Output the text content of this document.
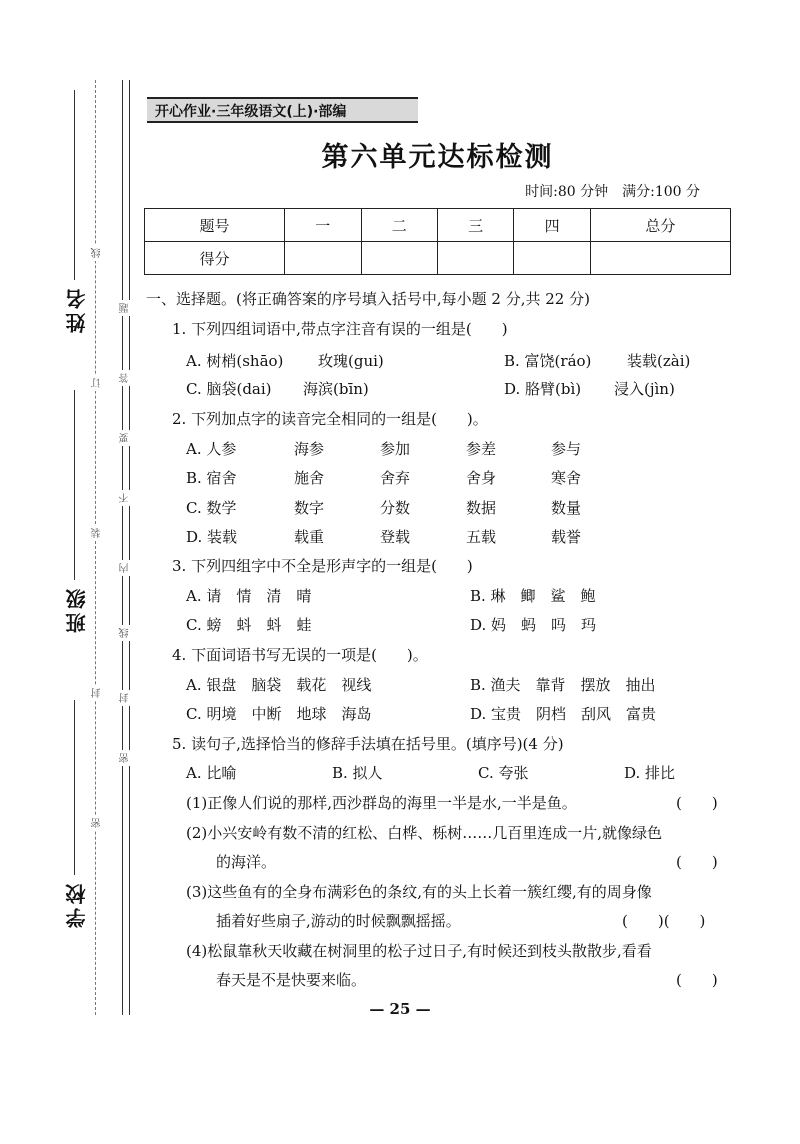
姓名
班级
学校
线
装
订
封
密
题
答
要
不
内
线
封
密
开心作业·三年级语文(上)·部编
第六单元达标检测
时间:80 分钟　满分:100 分
题号	一	二	三	四	总分
得分					
一、选择题。(将正确答案的序号填入括号中,每小题 2 分,共 22 分)
1. 下列四组词语中,带点字注音有误的一组是(　　)
A. 树梢(shāo) 玫瑰(gui)	B. 富饶(ráo) 装载(zài)
C. 脑袋(dai) 海滨(bīn)	D. 胳臂(bì) 浸入(jìn)
2. 下列加点字的读音完全相同的一组是(　　)。
A. 人参	海参	参加	参差	参与
B. 宿舍	施舍	舍弃	舍身	寒舍
C. 数学	数字	分数	数据	数量
D. 装载	载重	登载	五载	载誉
3. 下列四组字中不全是形声字的一组是(　　)
A. 请　情　清　晴	B. 琳　鲫　鲨　鲍
C. 螃　蚪　蚪　蛙	D. 妈　蚂　吗　玛
4. 下面词语书写无误的一项是(　　)。
A. 银盘　脑袋　载花　视线	B. 渔夫　靠背　摆放　抽出
C. 明境　中断　地球　海岛	D. 宝贵　阴档　刮风　富贵
5. 读句子,选择恰当的修辞手法填在括号里。(填序号)(4 分)
A. 比喻	B. 拟人	C. 夸张	D. 排比
(1)正像人们说的那样,西沙群岛的海里一半是水,一半是鱼。	(　　)
(2)小兴安岭有数不清的红松、白桦、栎树……几百里连成一片,就像绿色
的海洋。	(　　)
(3)这些鱼有的全身布满彩色的条纹,有的头上长着一簇红缨,有的周身像
插着好些扇子,游动的时候飘飘摇摇。	(　　)(　　)
(4)松鼠靠秋天收藏在树洞里的松子过日子,有时候还到枝头散散步,看看
春天是不是快要来临。	(　　)
— 25 —
